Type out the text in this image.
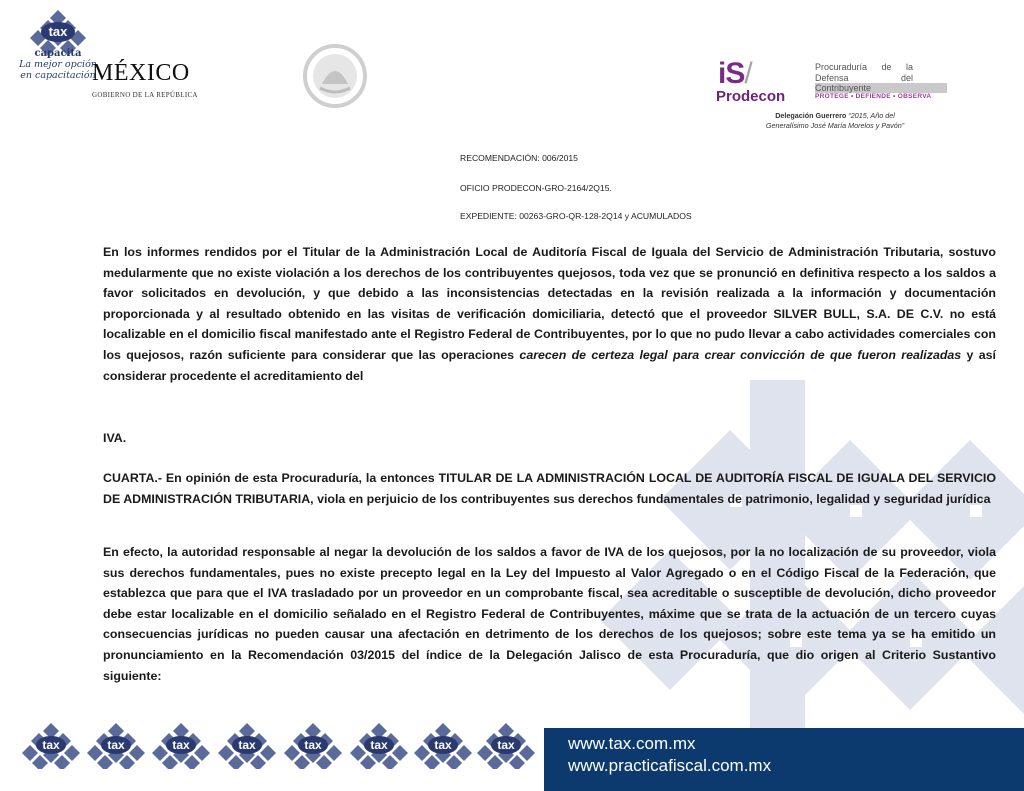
tax
capacita
La mejor opción
en capacitación
MÉXICO
GOBIERNO DE LA REPÚBLICA
iS/
Prodecon
Procuraduría de la Defensa del Contribuyente
PROTEGE • DEFIENDE • OBSERVA
Delegación Guerrero “2015, Año del
Generalísimo José María Morelos y Pavón”
RECOMENDACIÓN: 006/2015
OFICIO PRODECON-GRO-2164/2Q15.
EXPEDIENTE: 00263-GRO-QR-128-2Q14 y ACUMULADOS
En los informes rendidos por el Titular de la Administración Local de Auditoría Fiscal de Iguala del Servicio de Administración Tributaria, sostuvo medularmente que no existe violación a los derechos de los contribuyentes quejosos, toda vez que se pronunció en definitiva respecto a los saldos a favor solicitados en devolución, y que debido a las inconsistencias detectadas en la revisión realizada a la información y documentación proporcionada y al resultado obtenido en las visitas de verificación domiciliaria, detectó que el proveedor SILVER BULL, S.A. DE C.V. no está localizable en el domicilio fiscal manifestado ante el Registro Federal de Contribuyentes, por lo que no pudo llevar a cabo actividades comerciales con los quejosos, razón suficiente para considerar que las operaciones carecen de certeza legal para crear convicción de que fueron realizadas y así considerar procedente el acreditamiento del
IVA.
CUARTA.- En opinión de esta Procuraduría, la entonces TITULAR DE LA ADMINISTRACIÓN LOCAL DE AUDITORÍA FISCAL DE IGUALA DEL SERVICIO DE ADMINISTRACIÓN TRIBUTARIA, viola en perjuicio de los contribuyentes sus derechos fundamentales de patrimonio, legalidad y seguridad jurídica
En efecto, la autoridad responsable al negar la devolución de los saldos a favor de IVA de los quejosos, por la no localización de su proveedor, viola sus derechos fundamentales, pues no existe precepto legal en la Ley del Impuesto al Valor Agregado o en el Código Fiscal de la Federación, que establezca que para que el IVA trasladado por un proveedor en un comprobante fiscal, sea acreditable o susceptible de devolución, dicho proveedor debe estar localizable en el domicilio señalado en el Registro Federal de Contribuyentes, máxime que se trata de la actuación de un tercero cuyas consecuencias jurídicas no pueden causar una afectación en detrimento de los derechos de los quejosos; sobre este tema ya se ha emitido un pronunciamiento en la Recomendación 03/2015 del índice de la Delegación Jalisco de esta Procuraduría, que dio origen al Criterio Sustantivo siguiente:
tax	tax	tax	tax	tax	tax	tax	tax	www.tax.com.mx
www.practicafiscal.com.mx
